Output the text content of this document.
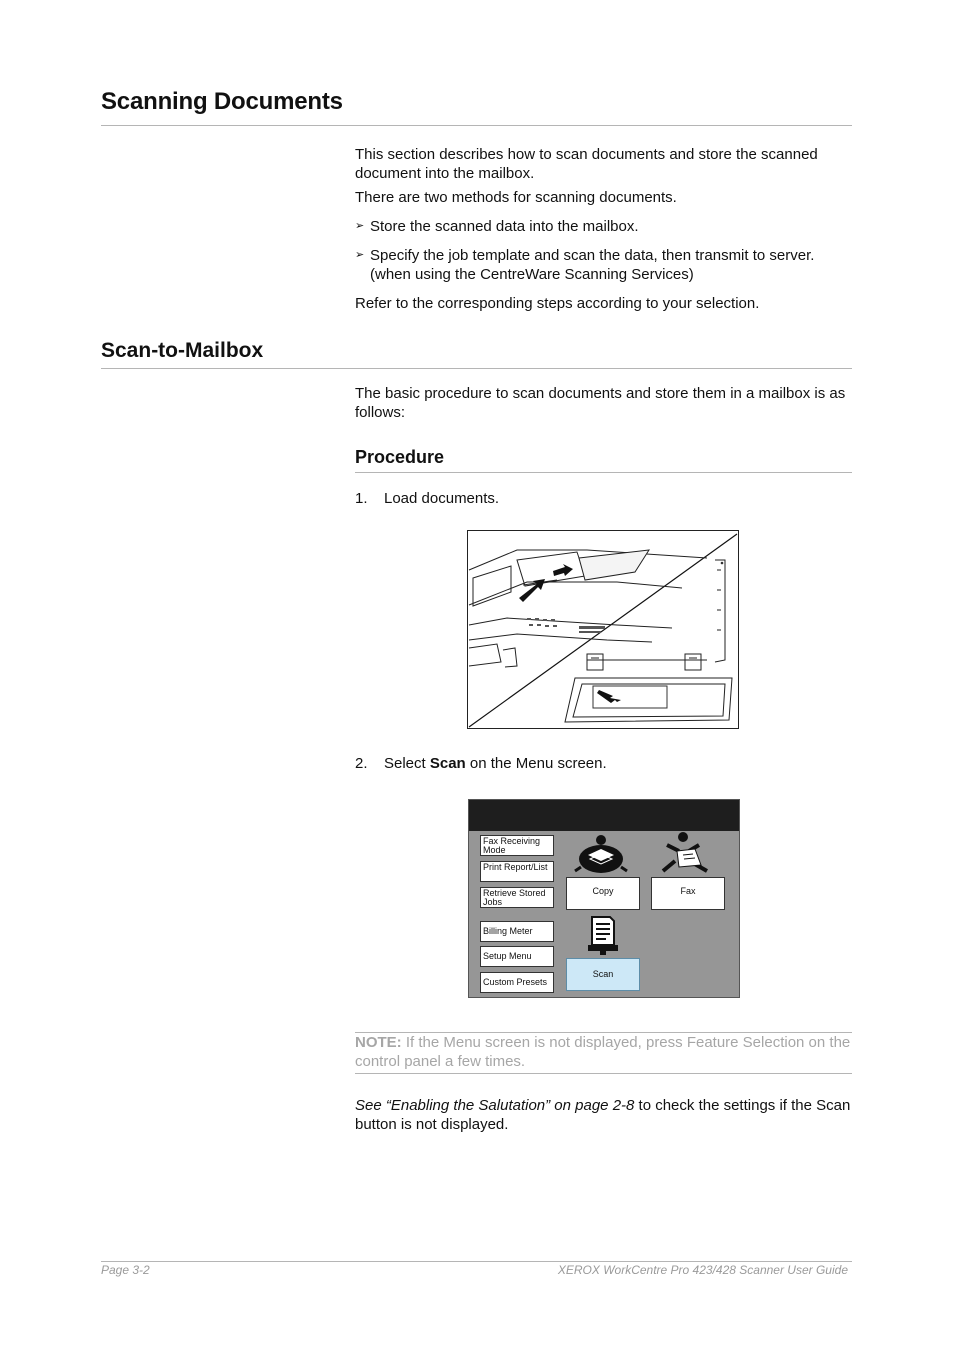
Scanning Documents

This section describes how to scan documents and store the scanned document into the mailbox.

There are two methods for scanning documents.

➢ Store the scanned data into the mailbox.
➢ Specify the job template and scan the data, then transmit to server. (when using the CentreWare Scanning Services)

Refer to the corresponding steps according to your selection.

Scan-to-Mailbox

The basic procedure to scan documents and store them in a mailbox is as follows:

Procedure
1. Load documents.
2. Select Scan on the Menu screen.
Fax Receiving Mode
Print Report/List
Retrieve Stored Jobs
Billing Meter
Setup Menu
Custom Presets
Copy	Fax
Scan
NOTE: If the Menu screen is not displayed, press Feature Selection on the control panel a few times.

See “Enabling the Salutation” on page 2-8 to check the settings if the Scan button is not displayed.

Page 3-2	XEROX WorkCentre Pro 423/428 Scanner User Guide
